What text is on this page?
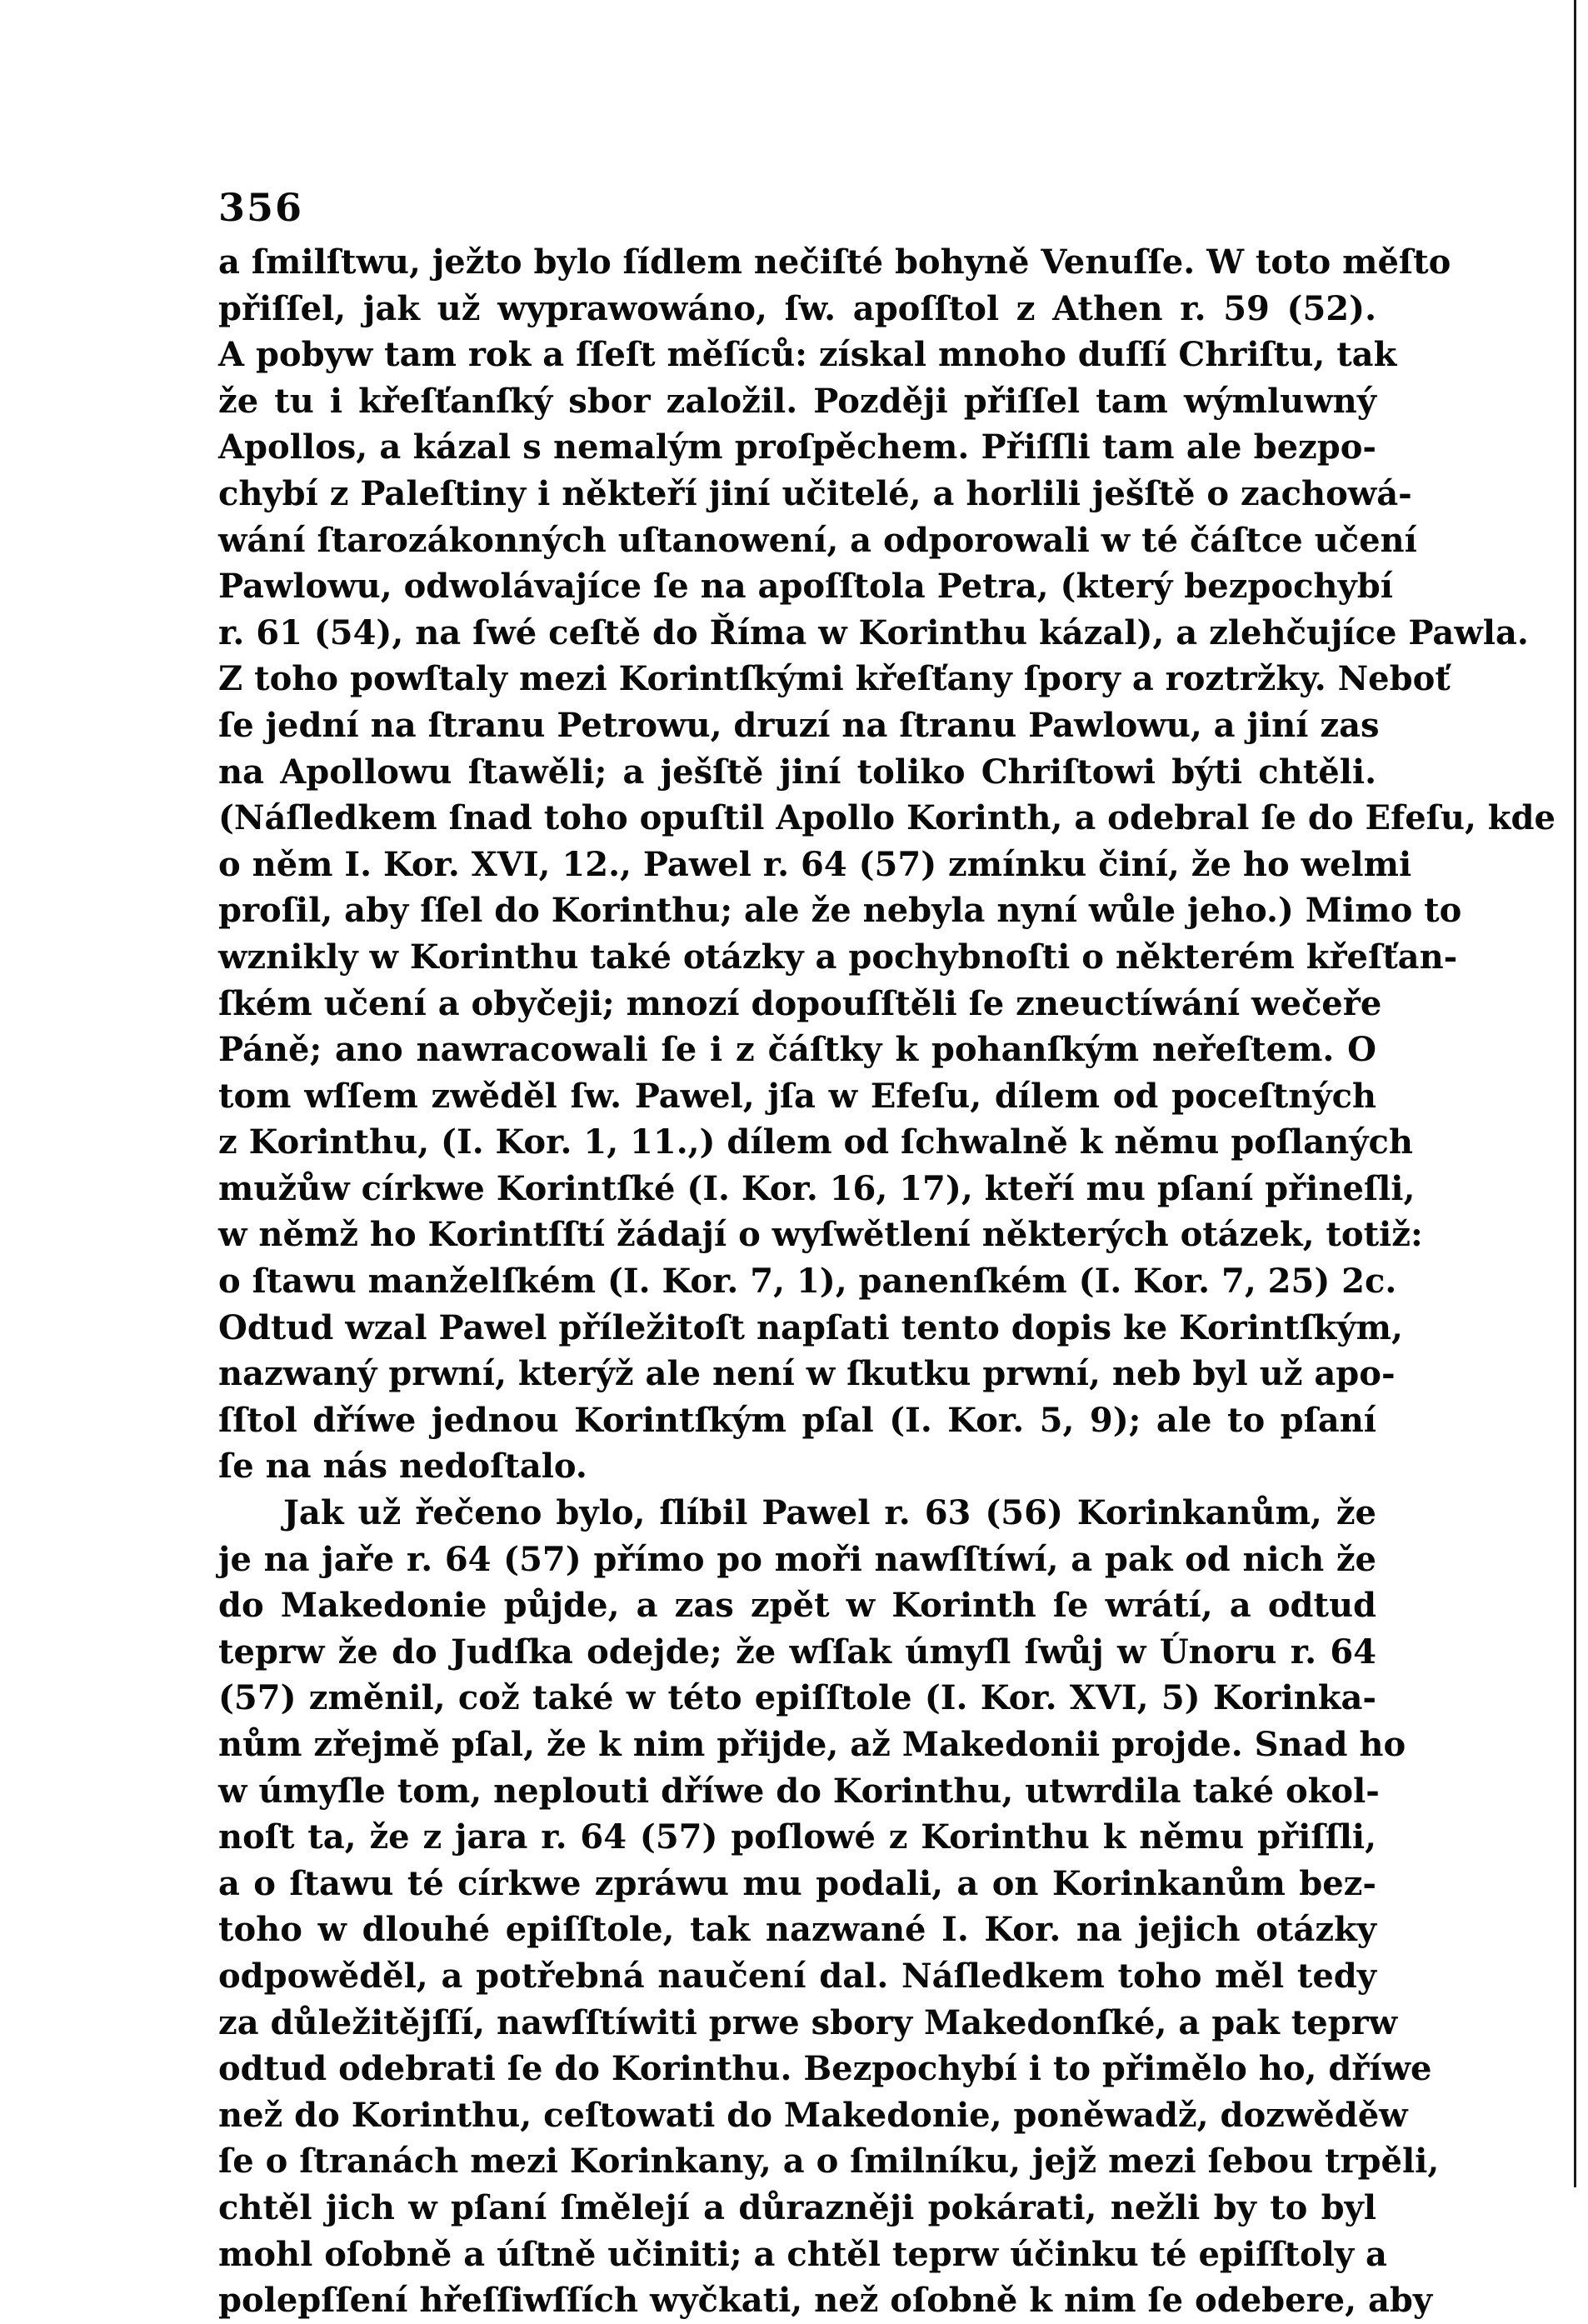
356
a ſmilſtwu, ježto bylo ſídlem nečiſté bohyně Venuſſe. W toto měſto
přiſſel, jak už wyprawowáno, ſw. apoſſtol z Athen r. 59 (52).
A pobyw tam rok a ſſeſt měſíců: získal mnoho duſſí Chriſtu, tak
že tu i křeſťanſký sbor založil. Později přiſſel tam wýmluwný
Apollos, a kázal s nemalým proſpěchem. Přiſſli tam ale bezpo-
chybí z Paleſtiny i někteří jiní učitelé, a horlili ješſtě o zachowá-
wání ſtarozákonných uſtanowení, a odporowali w té čáſtce učení
Pawlowu, odwolávajíce ſe na apoſſtola Petra, (který bezpochybí
r. 61 (54), na ſwé ceſtě do Říma w Korinthu kázal), a zlehčujíce Pawla.
Z toho powſtaly mezi Korintſkými křeſťany ſpory a roztržky. Neboť
ſe jední na ſtranu Petrowu, druzí na ſtranu Pawlowu, a jiní zas
na Apollowu ſtawěli; a ješſtě jiní toliko Chriſtowi býti chtěli.
(Náſledkem ſnad toho opuſtil Apollo Korinth, a odebral ſe do Efeſu, kde
o něm I. Kor. XVI, 12., Pawel r. 64 (57) zmínku činí, že ho welmi
proſil, aby ſſel do Korinthu; ale že nebyla nyní wůle jeho.) Mimo to
wznikly w Korinthu také otázky a pochybnoſti o některém křeſťan-
ſkém učení a obyčeji; mnozí dopouſſtěli ſe zneuctíwání wečeře
Páně; ano nawracowali ſe i z čáſtky k pohanſkým neřeſtem. O
tom wſſem zwěděl ſw. Pawel, jſa w Efeſu, dílem od poceſtných
z Korinthu, (I. Kor. 1, 11.,) dílem od ſchwalně k němu poſlaných
mužůw církwe Korintſké (I. Kor. 16, 17), kteří mu pſaní přineſli,
w němž ho Korintſſtí žádají o wyſwětlení některých otázek, totiž:
o ſtawu manželſkém (I. Kor. 7, 1), panenſkém (I. Kor. 7, 25) 2c.
Odtud wzal Pawel příležitoſt napſati tento dopis ke Korintſkým,
nazwaný prwní, kterýž ale není w ſkutku prwní, neb byl už apo-
ſſtol dříwe jednou Korintſkým pſal (I. Kor. 5, 9); ale to pſaní
ſe na nás nedoſtalo.
Jak už řečeno bylo, ſlíbil Pawel r. 63 (56) Korinkanům, že
je na jaře r. 64 (57) přímo po moři nawſſtíwí, a pak od nich že
do Makedonie půjde, a zas zpět w Korinth ſe wrátí, a odtud
teprw že do Judſka odejde; že wſſak úmyſl ſwůj w Únoru r. 64
(57) změnil, což také w této epiſſtole (I. Kor. XVI, 5) Korinka-
nům zřejmě pſal, že k nim přijde, až Makedonii projde. Snad ho
w úmyſle tom, neplouti dříwe do Korinthu, utwrdila také okol-
noſt ta, že z jara r. 64 (57) poſlowé z Korinthu k němu přiſſli,
a o ſtawu té církwe zpráwu mu podali, a on Korinkanům bez-
toho w dlouhé epiſſtole, tak nazwané I. Kor. na jejich otázky
odpowěděl, a potřebná naučení dal. Náſledkem toho měl tedy
za důležitějſſí, nawſſtíwiti prwe sbory Makedonſké, a pak teprw
odtud odebrati ſe do Korinthu. Bezpochybí i to přimělo ho, dříwe
než do Korinthu, ceſtowati do Makedonie, poněwadž, dozwěděw
ſe o ſtranách mezi Korinkany, a o ſmilníku, jejž mezi ſebou trpěli,
chtěl jich w pſaní ſmělejí a důrazněji pokárati, nežli by to byl
mohl oſobně a úſtně učiniti; a chtěl teprw účinku té epiſſtoly a
polepſſení hřeſſiwſſích wyčkati, než oſobně k nim ſe odebere, aby
